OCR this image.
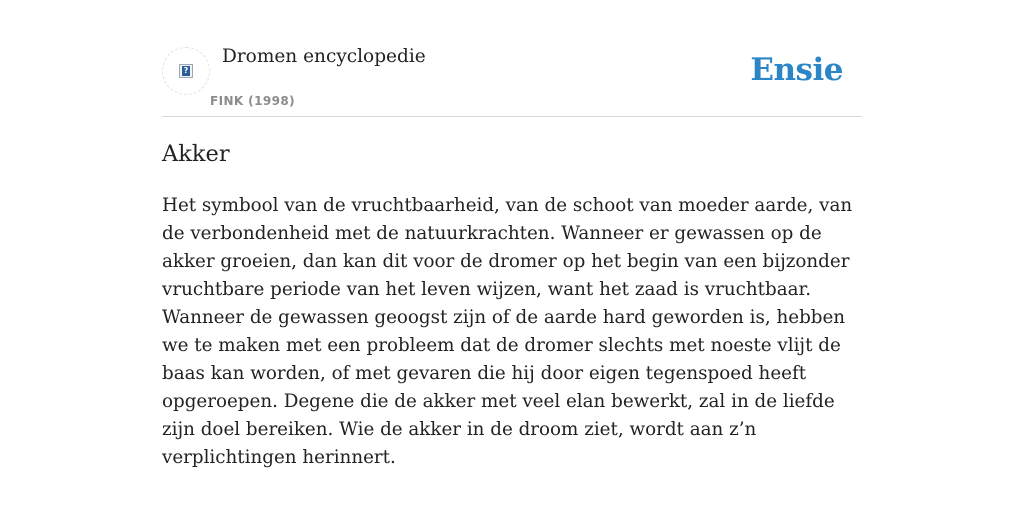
?
Dromen encyclopedie
FINK (1998)
Ensie
Akker

Het symbool van de vruchtbaarheid, van de schoot van moeder aarde, van de verbondenheid met de natuurkrachten. Wanneer er gewassen op de akker groeien, dan kan dit voor de dromer op het begin van een bijzonder vruchtbare periode van het leven wijzen, want het zaad is vruchtbaar. Wanneer de gewassen geoogst zijn of de aarde hard geworden is, hebben we te maken met een probleem dat de dromer slechts met noeste vlijt de baas kan worden, of met gevaren die hij door eigen tegenspoed heeft opgeroepen. Degene die de akker met veel elan bewerkt, zal in de liefde zijn doel bereiken. Wie de akker in de droom ziet, wordt aan z’n verplichtingen herinnert.
